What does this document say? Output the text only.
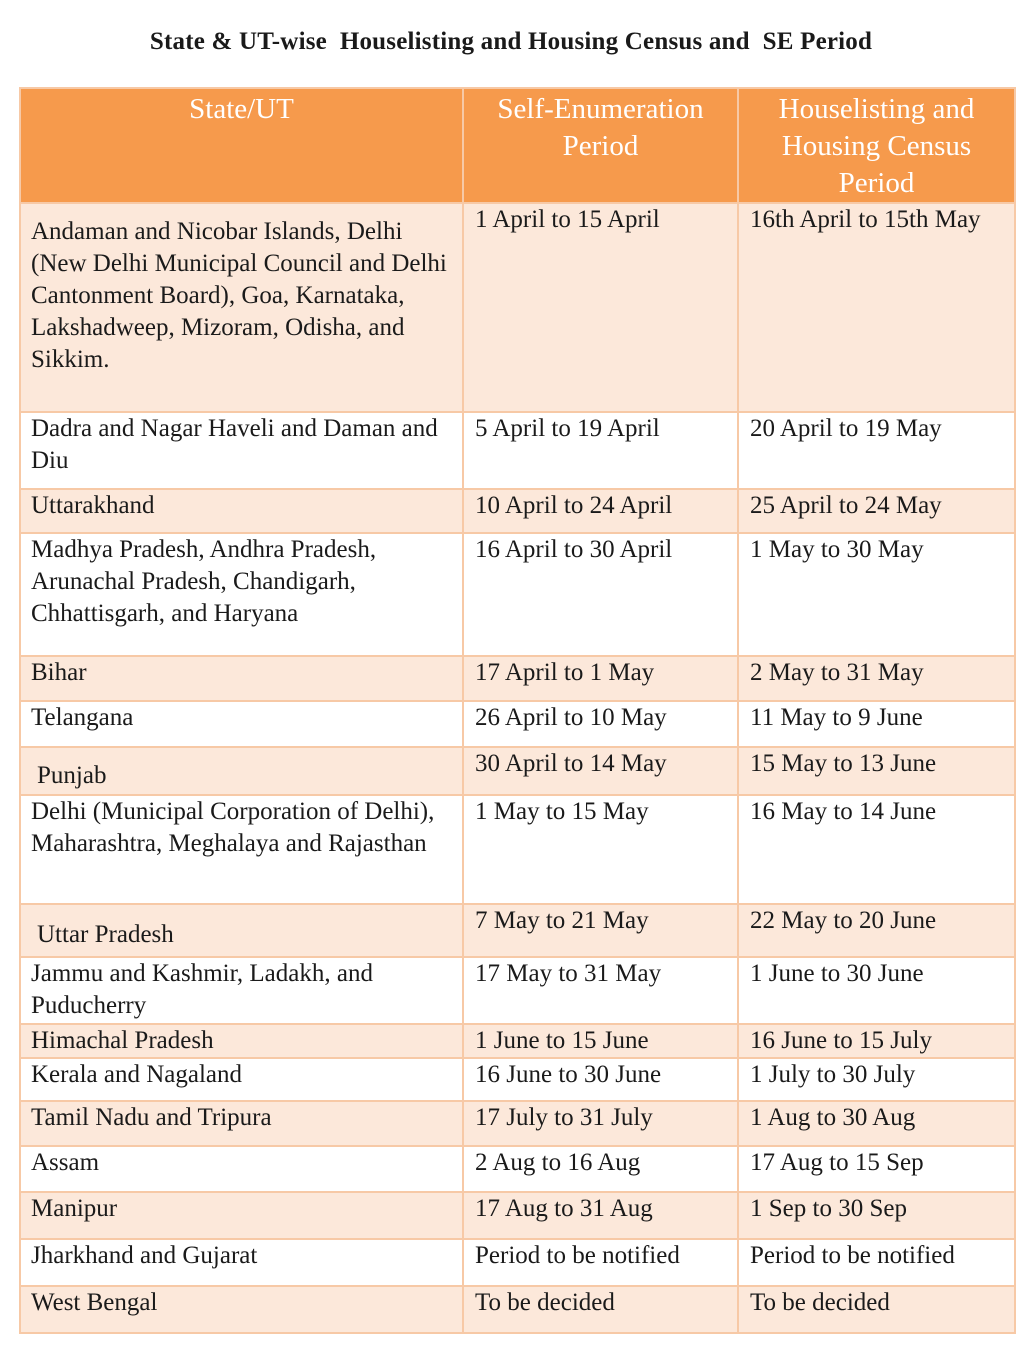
State & UT-wise  Houselisting and Housing Census and  SE Period
State/UT	Self-Enumeration Period	Houselisting and Housing Census Period
Andaman and Nicobar Islands, Delhi (New Delhi Municipal Council and Delhi Cantonment Board), Goa, Karnataka, Lakshadweep, Mizoram, Odisha, and Sikkim.	1 April to 15 April	16th April to 15th May
Dadra and Nagar Haveli and Daman and Diu	5 April to 19 April	20 April to 19 May
Uttarakhand	10 April to 24 April	25 April to 24 May
Madhya Pradesh, Andhra Pradesh, Arunachal Pradesh, Chandigarh, Chhattisgarh, and Haryana	16 April to 30 April	1 May to 30 May
Bihar	17 April to 1 May	2 May to 31 May
Telangana	26 April to 10 May	11 May to 9 June
Punjab	30 April to 14 May	15 May to 13 June
Delhi (Municipal Corporation of Delhi), Maharashtra, Meghalaya and Rajasthan	1 May to 15 May	16 May to 14 June
Uttar Pradesh	7 May to 21 May	22 May to 20 June
Jammu and Kashmir, Ladakh, and Puducherry	17 May to 31 May	1 June to 30 June
Himachal Pradesh	1 June to 15 June	16 June to 15 July
Kerala and Nagaland	16 June to 30 June	1 July to 30 July
Tamil Nadu and Tripura	17 July to 31 July	1 Aug to 30 Aug
Assam	2 Aug to 16 Aug	17 Aug to 15 Sep
Manipur	17 Aug to 31 Aug	1 Sep to 30 Sep
Jharkhand and Gujarat	Period to be notified	Period to be notified
West Bengal	To be decided	To be decided
